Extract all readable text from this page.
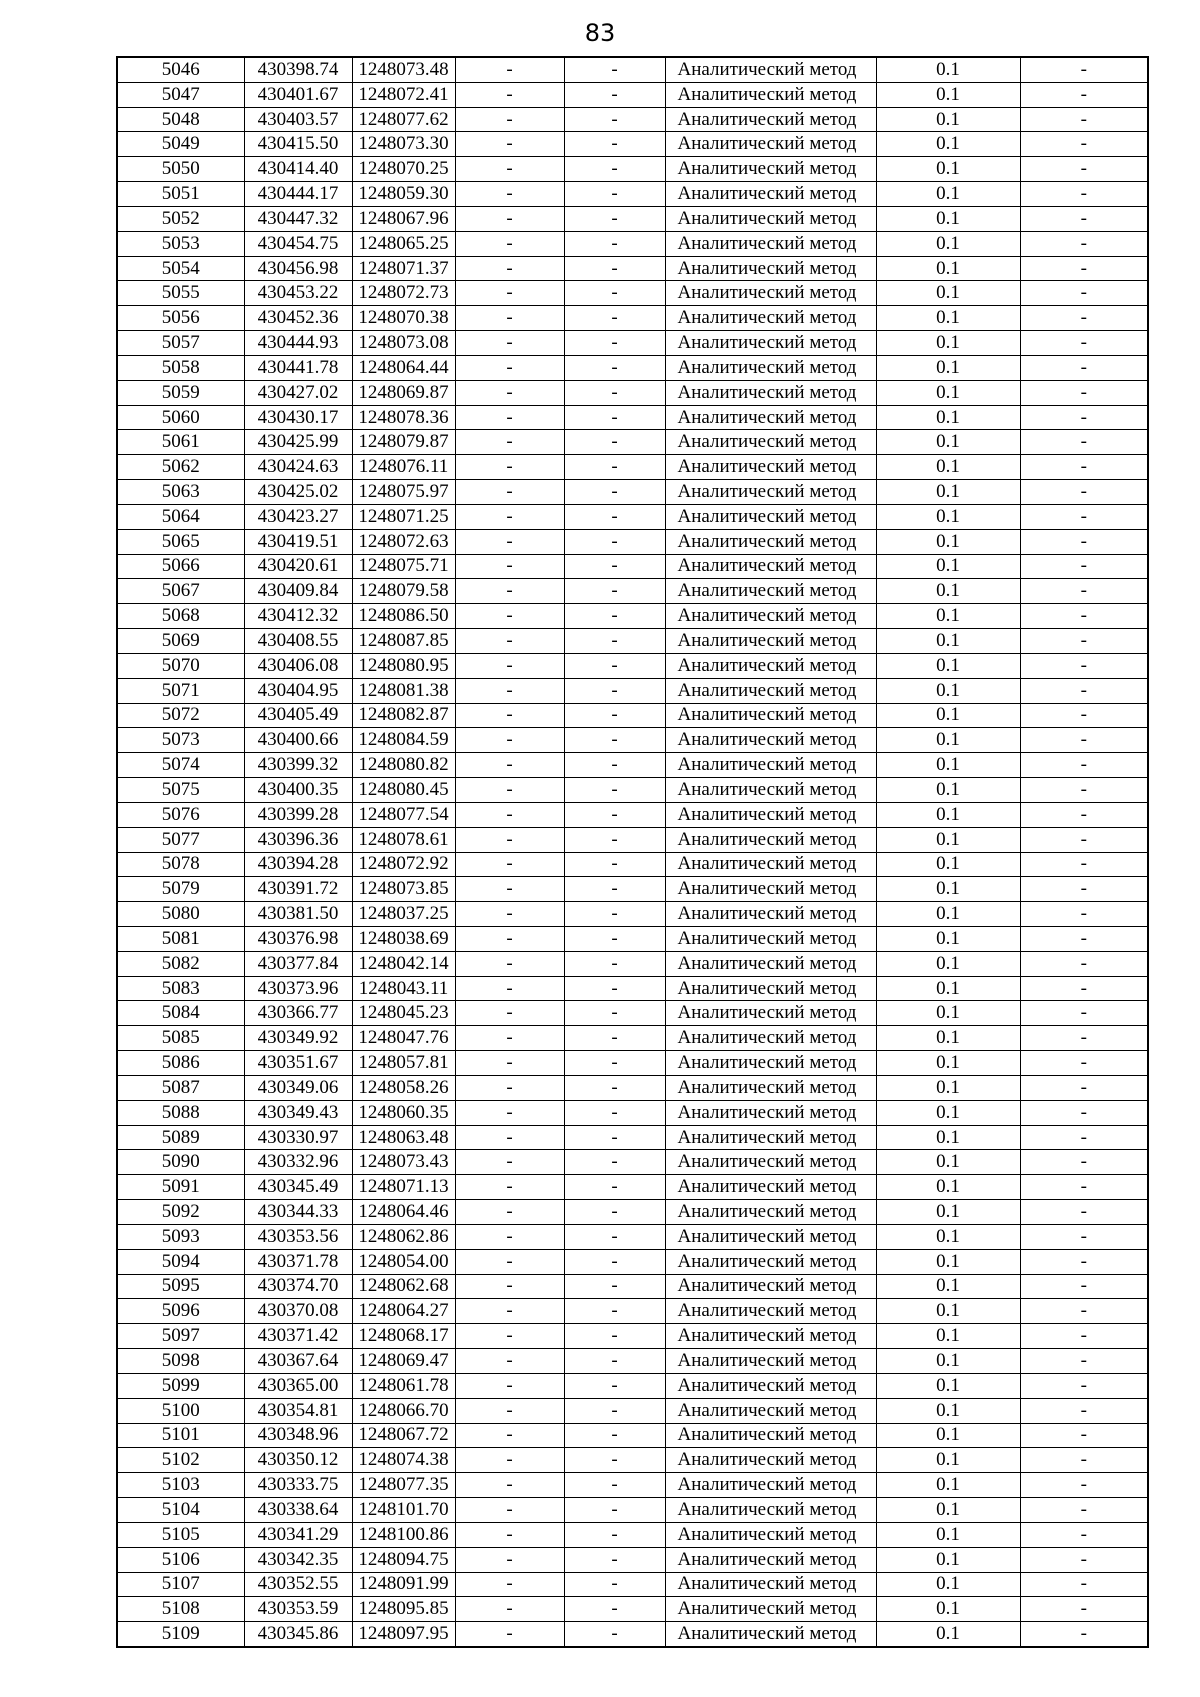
83
5046	430398.74	1248073.48	-	-	Аналитический метод	0.1	-
5047	430401.67	1248072.41	-	-	Аналитический метод	0.1	-
5048	430403.57	1248077.62	-	-	Аналитический метод	0.1	-
5049	430415.50	1248073.30	-	-	Аналитический метод	0.1	-
5050	430414.40	1248070.25	-	-	Аналитический метод	0.1	-
5051	430444.17	1248059.30	-	-	Аналитический метод	0.1	-
5052	430447.32	1248067.96	-	-	Аналитический метод	0.1	-
5053	430454.75	1248065.25	-	-	Аналитический метод	0.1	-
5054	430456.98	1248071.37	-	-	Аналитический метод	0.1	-
5055	430453.22	1248072.73	-	-	Аналитический метод	0.1	-
5056	430452.36	1248070.38	-	-	Аналитический метод	0.1	-
5057	430444.93	1248073.08	-	-	Аналитический метод	0.1	-
5058	430441.78	1248064.44	-	-	Аналитический метод	0.1	-
5059	430427.02	1248069.87	-	-	Аналитический метод	0.1	-
5060	430430.17	1248078.36	-	-	Аналитический метод	0.1	-
5061	430425.99	1248079.87	-	-	Аналитический метод	0.1	-
5062	430424.63	1248076.11	-	-	Аналитический метод	0.1	-
5063	430425.02	1248075.97	-	-	Аналитический метод	0.1	-
5064	430423.27	1248071.25	-	-	Аналитический метод	0.1	-
5065	430419.51	1248072.63	-	-	Аналитический метод	0.1	-
5066	430420.61	1248075.71	-	-	Аналитический метод	0.1	-
5067	430409.84	1248079.58	-	-	Аналитический метод	0.1	-
5068	430412.32	1248086.50	-	-	Аналитический метод	0.1	-
5069	430408.55	1248087.85	-	-	Аналитический метод	0.1	-
5070	430406.08	1248080.95	-	-	Аналитический метод	0.1	-
5071	430404.95	1248081.38	-	-	Аналитический метод	0.1	-
5072	430405.49	1248082.87	-	-	Аналитический метод	0.1	-
5073	430400.66	1248084.59	-	-	Аналитический метод	0.1	-
5074	430399.32	1248080.82	-	-	Аналитический метод	0.1	-
5075	430400.35	1248080.45	-	-	Аналитический метод	0.1	-
5076	430399.28	1248077.54	-	-	Аналитический метод	0.1	-
5077	430396.36	1248078.61	-	-	Аналитический метод	0.1	-
5078	430394.28	1248072.92	-	-	Аналитический метод	0.1	-
5079	430391.72	1248073.85	-	-	Аналитический метод	0.1	-
5080	430381.50	1248037.25	-	-	Аналитический метод	0.1	-
5081	430376.98	1248038.69	-	-	Аналитический метод	0.1	-
5082	430377.84	1248042.14	-	-	Аналитический метод	0.1	-
5083	430373.96	1248043.11	-	-	Аналитический метод	0.1	-
5084	430366.77	1248045.23	-	-	Аналитический метод	0.1	-
5085	430349.92	1248047.76	-	-	Аналитический метод	0.1	-
5086	430351.67	1248057.81	-	-	Аналитический метод	0.1	-
5087	430349.06	1248058.26	-	-	Аналитический метод	0.1	-
5088	430349.43	1248060.35	-	-	Аналитический метод	0.1	-
5089	430330.97	1248063.48	-	-	Аналитический метод	0.1	-
5090	430332.96	1248073.43	-	-	Аналитический метод	0.1	-
5091	430345.49	1248071.13	-	-	Аналитический метод	0.1	-
5092	430344.33	1248064.46	-	-	Аналитический метод	0.1	-
5093	430353.56	1248062.86	-	-	Аналитический метод	0.1	-
5094	430371.78	1248054.00	-	-	Аналитический метод	0.1	-
5095	430374.70	1248062.68	-	-	Аналитический метод	0.1	-
5096	430370.08	1248064.27	-	-	Аналитический метод	0.1	-
5097	430371.42	1248068.17	-	-	Аналитический метод	0.1	-
5098	430367.64	1248069.47	-	-	Аналитический метод	0.1	-
5099	430365.00	1248061.78	-	-	Аналитический метод	0.1	-
5100	430354.81	1248066.70	-	-	Аналитический метод	0.1	-
5101	430348.96	1248067.72	-	-	Аналитический метод	0.1	-
5102	430350.12	1248074.38	-	-	Аналитический метод	0.1	-
5103	430333.75	1248077.35	-	-	Аналитический метод	0.1	-
5104	430338.64	1248101.70	-	-	Аналитический метод	0.1	-
5105	430341.29	1248100.86	-	-	Аналитический метод	0.1	-
5106	430342.35	1248094.75	-	-	Аналитический метод	0.1	-
5107	430352.55	1248091.99	-	-	Аналитический метод	0.1	-
5108	430353.59	1248095.85	-	-	Аналитический метод	0.1	-
5109	430345.86	1248097.95	-	-	Аналитический метод	0.1	-
